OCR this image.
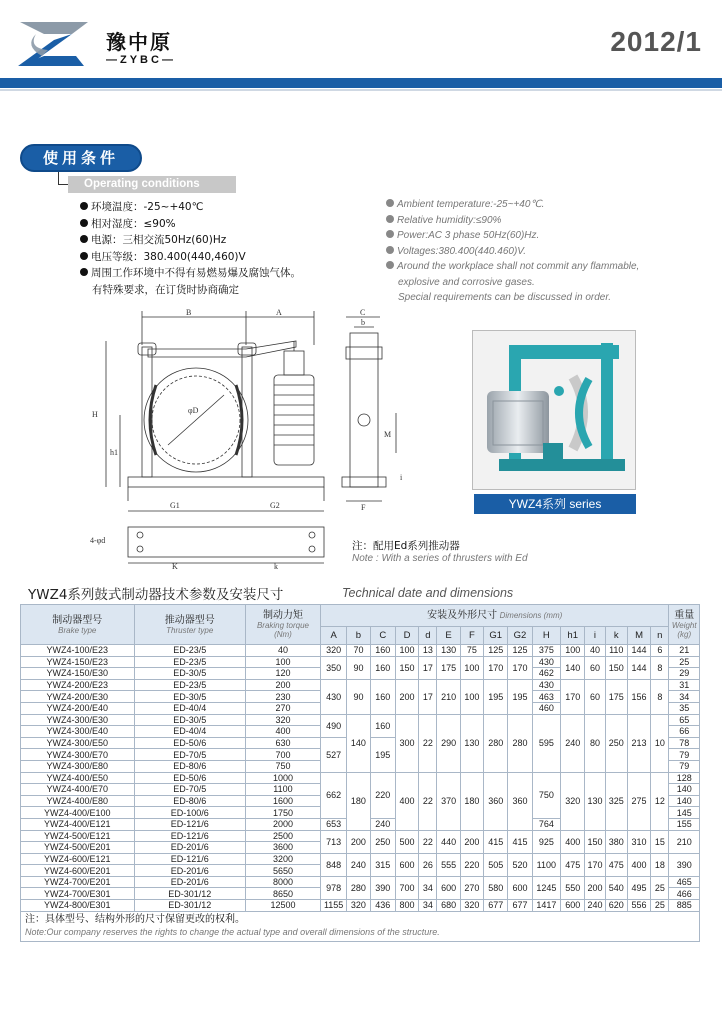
豫中原
—ZYBC—
2012/1
使用条件
Operating conditions
环境温度：-25~+40℃
相对湿度：≤90%
电源：三相交流50Hz(60)Hz
电压等级：380.400(440,460)V
周围工作环境中不得有易燃易爆及腐蚀气体。
有特殊要求，在订货时协商确定
Ambient temperature:-25~+40℃.
Relative humidity:≤90%
Power:AC 3 phase 50Hz(60)Hz.
Voltages:380.400(440.460)V.
Around the workplace shall not commit any flammable,
explosive and corrosive gases.
Special requirements can be discussed in order.
B	A
φD
H
h1
G1	G2
4-φd
K	k
C
b
F
M
i
YWZ4系列 series
注：配用Ed系列推动器
Note : With a series of thrusters with Ed
YWZ4系列鼓式制动器技术参数及安装尺寸	Technical date and dimensions
制动器型号
Brake type	推动器型号
Thruster type	制动力矩
Braking torque
(Nm)	安装及外形尺寸 Dimensions (mm)															重量
Weight
(kg)

			A	b	C	D	d	E	F	G1	G2	H	h1	i	k	M	n	
YWZ4-100/E23	ED-23/5	40	320	70	160	100	13	130	75	125	125	375	100	40	110	144	6	21
YWZ4-150/E23	ED-23/5	100	350	90	160	150	17	175	100	170	170	430	140	60	150	144	8	25
YWZ4-150/E30	ED-30/5	120										462						29
YWZ4-200/E23	ED-23/5	200	430	90	160	200	17	210	100	195	195	430	170	60	175	156	8	31
YWZ4-200/E30	ED-30/5	230										463						34
YWZ4-200/E40	ED-40/4	270										460						35
YWZ4-300/E30	ED-30/5	320	490	140	160	300	22	290	130	280	280	595	240	80	250	213	10	65
YWZ4-300/E40	ED-40/4	400																66
YWZ4-300/E50	ED-50/6	630	527		195													78
YWZ4-300/E70	ED-70/5	700																79
YWZ4-300/E80	ED-80/6	750																79
YWZ4-400/E50	ED-50/6	1000	662	180	220	400	22	370	180	360	360	750	320	130	325	275	12	128
YWZ4-400/E70	ED-70/5	1100																140
YWZ4-400/E80	ED-80/6	1600																140
YWZ4-400/E100	ED-100/6	1750																145
YWZ4-400/E121	ED-121/6	2000	653		240							764						155
YWZ4-500/E121	ED-121/6	2500	713	200	250	500	22	440	200	415	415	925	400	150	380	310	15	210
YWZ4-500/E201	ED-201/6	3600																
YWZ4-600/E121	ED-121/6	3200	848	240	315	600	26	555	220	505	520	1100	475	170	475	400	18	390
YWZ4-600/E201	ED-201/6	5650																
YWZ4-700/E201	ED-201/6	8000	978	280	390	700	34	600	270	580	600	1245	550	200	540	495	25	465
YWZ4-700/E301	ED-301/12	8650																466
YWZ4-800/E301	ED-301/12	12500	1155	320	436	800	34	680	320	677	677	1417	600	240	620	556	25	885

注：具体型号、结构外形的尺寸保留更改的权利。
Note:Our company reserves the rights to change the actual type and overall dimensions of the structure.																		
